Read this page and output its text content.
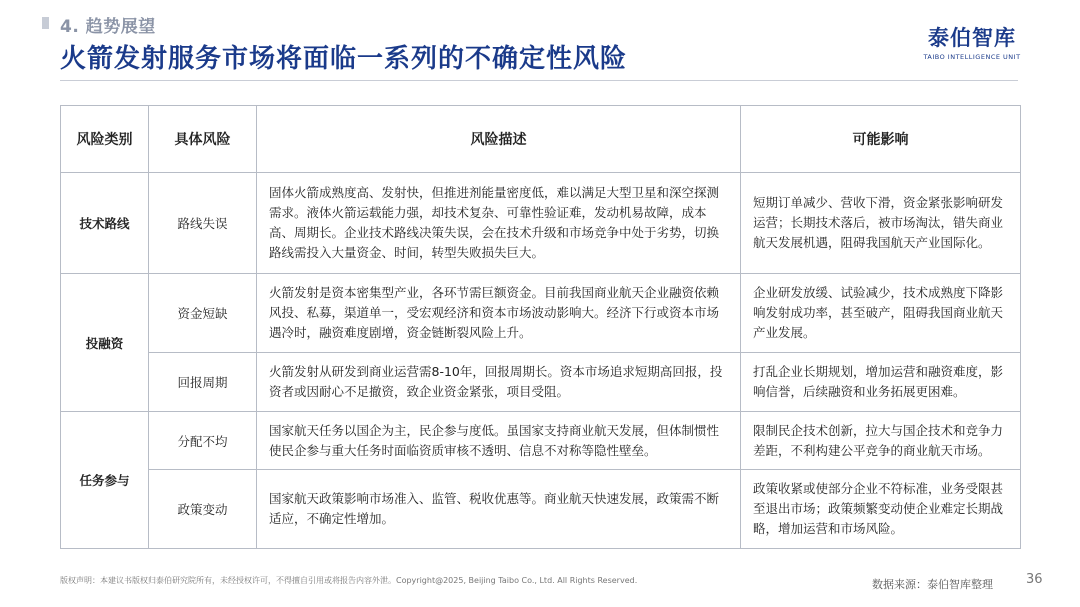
4. 趋势展望
火箭发射服务市场将面临一系列的不确定性风险
泰伯智库
TAIBO INTELLIGENCE UNIT
风险类别	具体风险	风险描述	可能影响
技术路线	路线失误	固体火箭成熟度高、发射快，但推进剂能量密度低，难以满足大型卫星和深空探测需求。液体火箭运载能力强，却技术复杂、可靠性验证难，发动机易故障，成本高、周期长。企业技术路线决策失误，会在技术升级和市场竞争中处于劣势，切换路线需投入大量资金、时间，转型失败损失巨大。	短期订单减少、营收下滑，资金紧张影响研发运营；长期技术落后，被市场淘汰，错失商业航天发展机遇，阻碍我国航天产业国际化。
投融资	资金短缺	火箭发射是资本密集型产业，各环节需巨额资金。目前我国商业航天企业融资依赖风投、私募，渠道单一，受宏观经济和资本市场波动影响大。经济下行或资本市场遇冷时，融资难度剧增，资金链断裂风险上升。	企业研发放缓、试验减少，技术成熟度下降影响发射成功率，甚至破产，阻碍我国商业航天产业发展。
	回报周期	火箭发射从研发到商业运营需8-10年，回报周期长。资本市场追求短期高回报，投资者或因耐心不足撤资，致企业资金紧张，项目受阻。	打乱企业长期规划，增加运营和融资难度，影响信誉，后续融资和业务拓展更困难。
任务参与	分配不均	国家航天任务以国企为主，民企参与度低。虽国家支持商业航天发展，但体制惯性使民企参与重大任务时面临资质审核不透明、信息不对称等隐性壁垒。	限制民企技术创新，拉大与国企技术和竞争力差距，不利构建公平竞争的商业航天市场。
	政策变动	国家航天政策影响市场准入、监管、税收优惠等。商业航天快速发展，政策需不断适应，不确定性增加。	政策收紧或使部分企业不符标准，业务受限甚至退出市场；政策频繁变动使企业难定长期战略，增加运营和市场风险。
版权声明：本建议书版权归泰伯研究院所有，未经授权许可，不得擅自引用或将报告内容外泄。Copyright@2025, Beijing Taibo Co., Ltd. All Rights Reserved.	数据来源：泰伯智库整理	36
